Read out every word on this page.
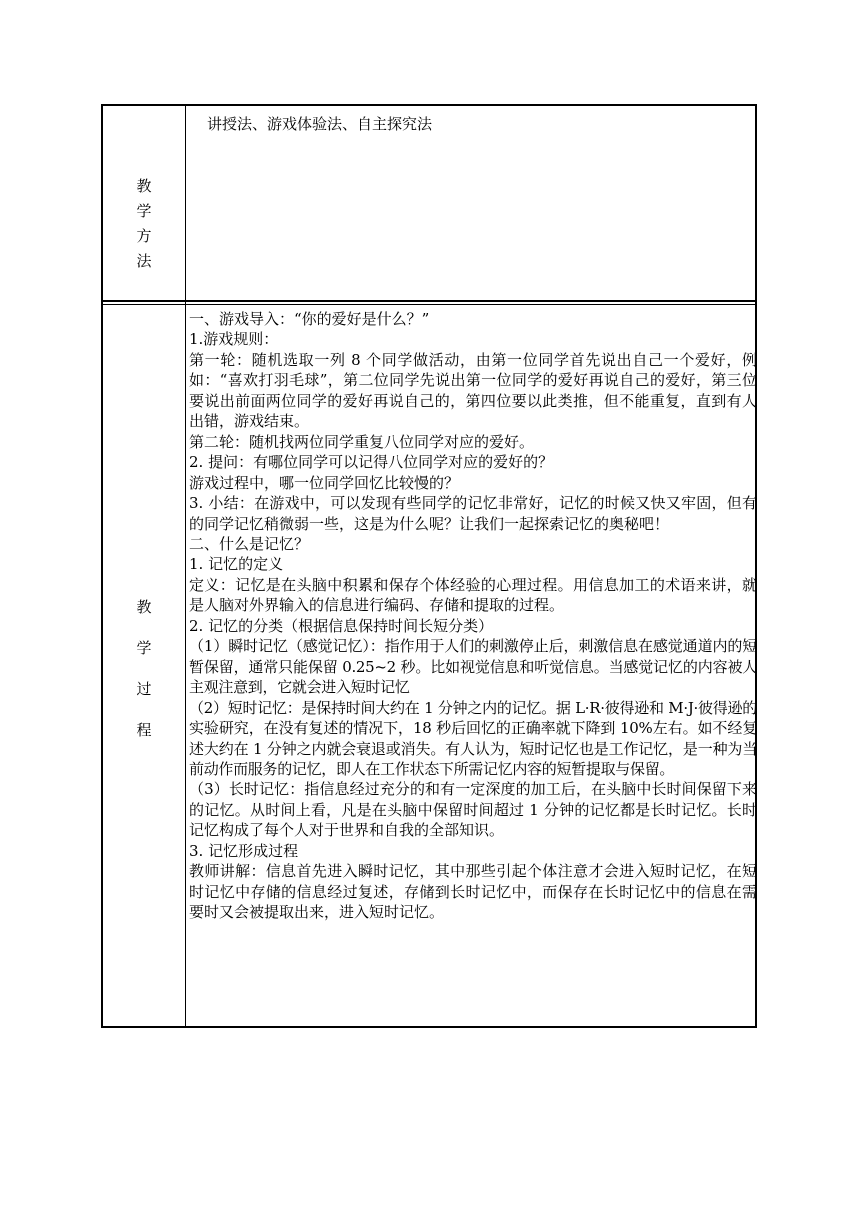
教
学
方
法
讲授法、游戏体验法、自主探究法
教
学
过
程

一、游戏导入：“你的爱好是什么？”

1.游戏规则：

第一轮：随机选取一列 8 个同学做活动，由第一位同学首先说出自己一个爱好，例如：“喜欢打羽毛球”，第二位同学先说出第一位同学的爱好再说自己的爱好，第三位要说出前面两位同学的爱好再说自己的，第四位要以此类推，但不能重复，直到有人出错，游戏结束。

第二轮：随机找两位同学重复八位同学对应的爱好。

2. 提问：有哪位同学可以记得八位同学对应的爱好的？

游戏过程中，哪一位同学回忆比较慢的？

3. 小结：在游戏中，可以发现有些同学的记忆非常好，记忆的时候又快又牢固，但有的同学记忆稍微弱一些，这是为什么呢？让我们一起探索记忆的奥秘吧！

二、什么是记忆？

1. 记忆的定义

定义：记忆是在头脑中积累和保存个体经验的心理过程。用信息加工的术语来讲，就是人脑对外界输入的信息进行编码、存储和提取的过程。

2. 记忆的分类（根据信息保持时间长短分类）

（1）瞬时记忆（感觉记忆）：指作用于人们的刺激停止后，刺激信息在感觉通道内的短暂保留，通常只能保留 0.25~2 秒。比如视觉信息和听觉信息。当感觉记忆的内容被人主观注意到，它就会进入短时记忆

（2）短时记忆：是保持时间大约在 1 分钟之内的记忆。据 L·R·彼得逊和 M·J·彼得逊的实验研究，在没有复述的情况下，18 秒后回忆的正确率就下降到 10%左右。如不经复述大约在 1 分钟之内就会衰退或消失。有人认为，短时记忆也是工作记忆，是一种为当前动作而服务的记忆，即人在工作状态下所需记忆内容的短暂提取与保留。

（3）长时记忆：指信息经过充分的和有一定深度的加工后，在头脑中长时间保留下来的记忆。从时间上看，凡是在头脑中保留时间超过 1 分钟的记忆都是长时记忆。长时记忆构成了每个人对于世界和自我的全部知识。

3. 记忆形成过程

教师讲解：信息首先进入瞬时记忆，其中那些引起个体注意才会进入短时记忆，在短时记忆中存储的信息经过复述，存储到长时记忆中，而保存在长时记忆中的信息在需要时又会被提取出来，进入短时记忆。
